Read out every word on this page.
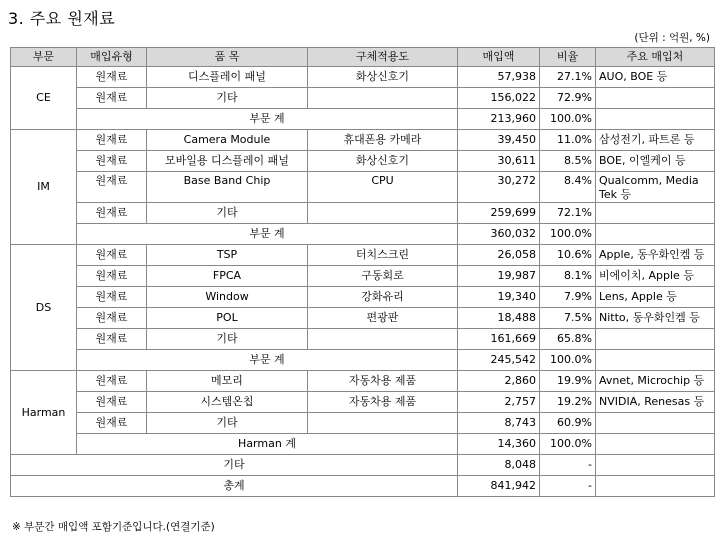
3. 주요 원재료
(단위 : 억원, %)
부문	매입유형	품 목	구체적용도	매입액	비율	주요 매입처
CE	원재료	디스플레이 패널	화상신호기	57,938	27.1%	AUO, BOE 등
	원재료	기타		156,022	72.9%	
	부문 계			213,960	100.0%	
IM	원재료	Camera Module	휴대폰용 카메라	39,450	11.0%	삼성전기, 파트론 등
	원재료	모바일용 디스플레이 패널	화상신호기	30,611	8.5%	BOE, 이엘케이 등
	원재료	Base Band Chip	CPU	30,272	8.4%	Qualcomm, Media Tek 등
	원재료	기타		259,699	72.1%	
	부문 계			360,032	100.0%	
DS	원재료	TSP	터치스크린	26,058	10.6%	Apple, 동우화인켐 등
	원재료	FPCA	구동회로	19,987	8.1%	비에이치, Apple 등
	원재료	Window	강화유리	19,340	7.9%	Lens, Apple 등
	원재료	POL	편광판	18,488	7.5%	Nitto, 동우화인켐 등
	원재료	기타		161,669	65.8%	
	부문 계			245,542	100.0%	
Harman	원재료	메모리	자동차용 제품	2,860	19.9%	Avnet, Microchip 등
	원재료	시스템온칩	자동차용 제품	2,757	19.2%	NVIDIA, Renesas 등
	원재료	기타		8,743	60.9%	
	Harman 계			14,360	100.0%	
기타				8,048	-	
총계				841,942	-	
※ 부문간 매입액 포함기준입니다.(연결기준)
